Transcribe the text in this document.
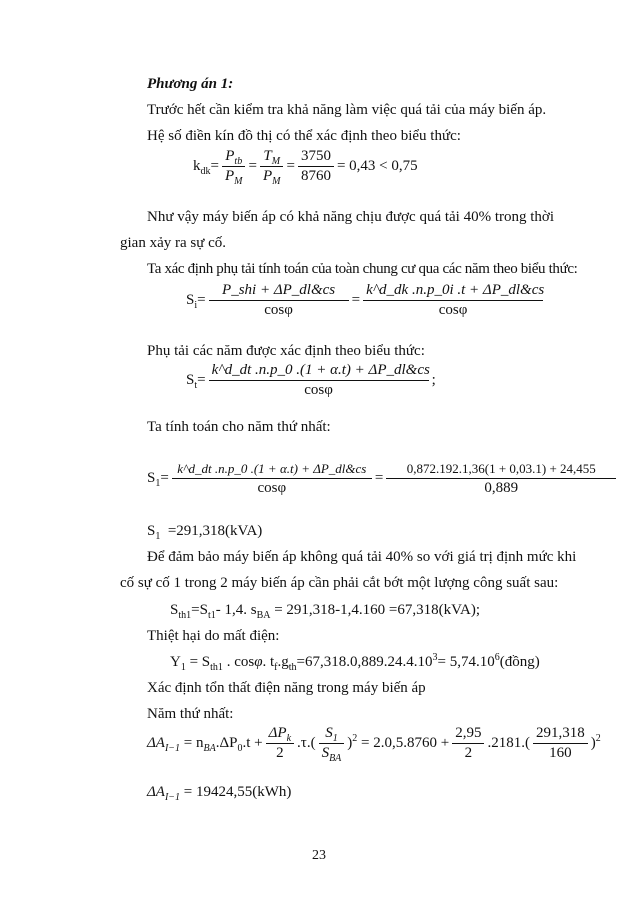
Phương án 1:
Trước hết cần kiểm tra khả năng làm việc quá tải của máy biến áp.
Hệ số điền kín đồ thị có thể xác định theo biểu thức:
$k_{dk}= \frac{P_{tb}}{P_M} = \frac{T_M}{P_M} = \frac{3750}{8760} = 0,43 < 0,75$
Như vậy máy biến áp có khả năng chịu được quá tải 40% trong thời
gian xảy ra sự cố.
Ta xác định phụ tải tính toán của toàn chung cư qua các năm theo biểu thức:
$S_i= \frac{\text{P\_shi + ΔP\_dl\&cs}}{\cos\varphi} = \frac{k\^{}d\_dk .n.p\_0i .t + \Delta P\_dl\&cs}{\cos\varphi}$
Phụ tải các năm được xác định theo biểu thức:
$S_t= \frac{k\^{}d\_dt .n.p\_0 .(1 + \alpha.t) + \Delta P\_dl\&cs}{\cos\varphi}$ ;
Ta tính toán cho năm thứ nhất:
$S_1= \frac{k\^{}d\_dt .n.p\_0 .(1 + \alpha.t) + \Delta P\_dl\&cs}{\cos\varphi} = \frac{0,872.192.1,36(1 + 0,03.1) + 24,455}{0,889}$
$S_1 =291,318(kVA)$
Để đảm bảo máy biến áp không quá tải 40% so với giá trị định mức khi
cố sự cố 1 trong 2 máy biến áp cần phải cắt bớt một lượng công suất sau:
$S_{th1}=S_{t1}-$ 1,4. $s_{BA} = 291,318-1,4.160 =67,318(kVA)$;
Thiệt hại do mất điện:
$Y_1 = S_{th1}$ . cosφ. $t_f.g_{th}=67,318.0,889.24.4.10^3=$ $5,74.10^6(đồng)$
Xác định tổn thất điện năng trong máy biến áp
Năm thứ nhất:
$\Delta A_{I-1} = n_{BA}.\Delta P_0.t + \frac{\Delta P_k}{2} .\tau.( \frac{S_1}{S_{BA}} )^2 = 2.0,5.8760 + \frac{2,95}{2} .2181.( \frac{291,318}{160} )^2$
$\Delta A_{I-1} = 19424,55(kWh)$
23
